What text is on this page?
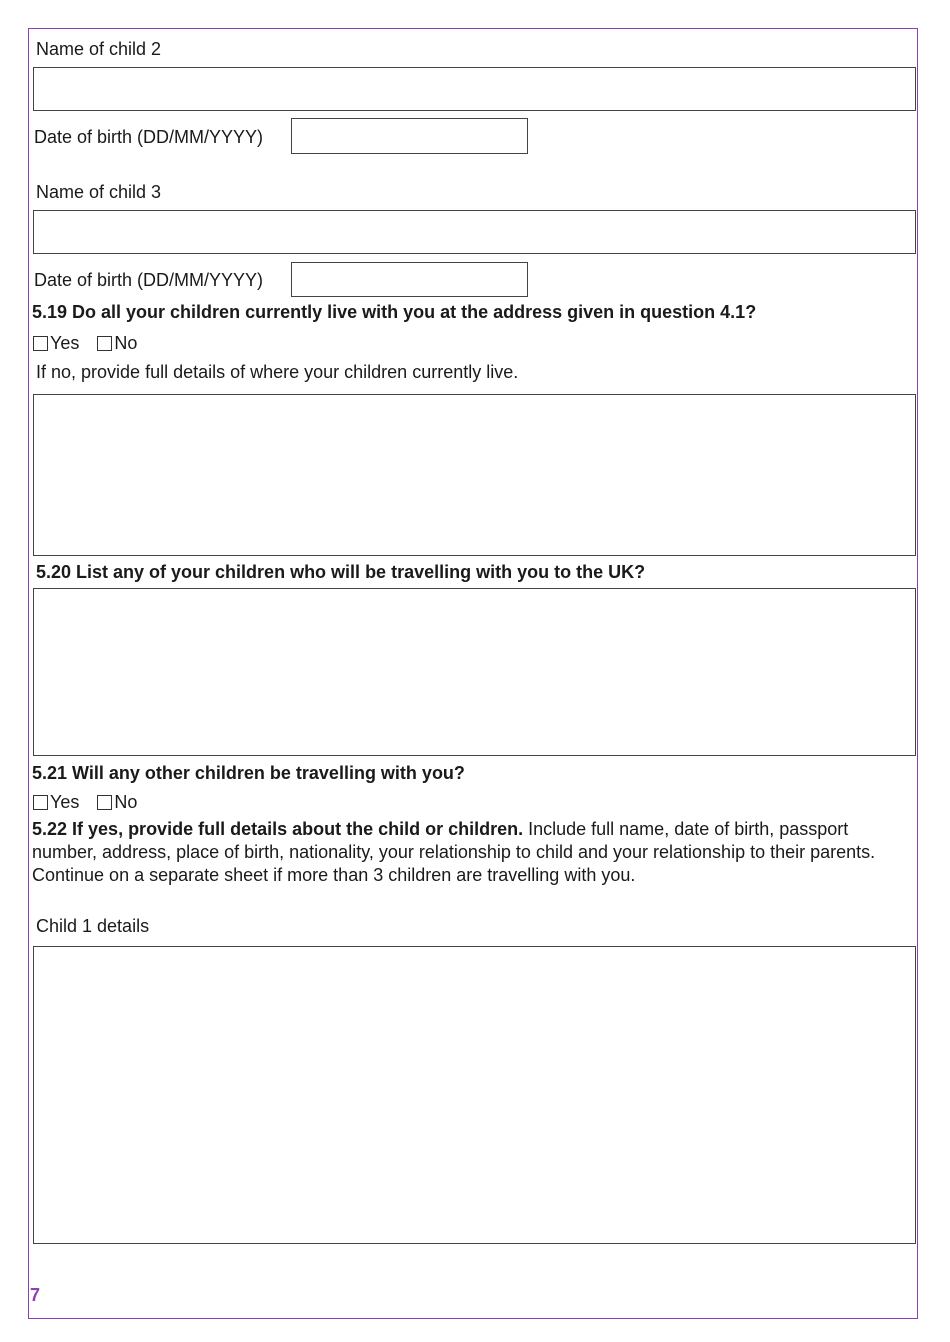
Name of child 2
Date of birth (DD/MM/YYYY)
Name of child 3
Date of birth (DD/MM/YYYY)
5.19 Do all your children currently live with you at the address given in question 4.1?
Yes No
If no, provide full details of where your children currently live.
5.20 List any of your children who will be travelling with you to the UK?
5.21 Will any other children be travelling with you?
Yes No
5.22 If yes, provide full details about the child or children. Include full name, date of birth, passport number, address, place of birth, nationality, your relationship to child and your relationship to their parents. Continue on a separate sheet if more than 3 children are travelling with you.
Child 1 details
7
